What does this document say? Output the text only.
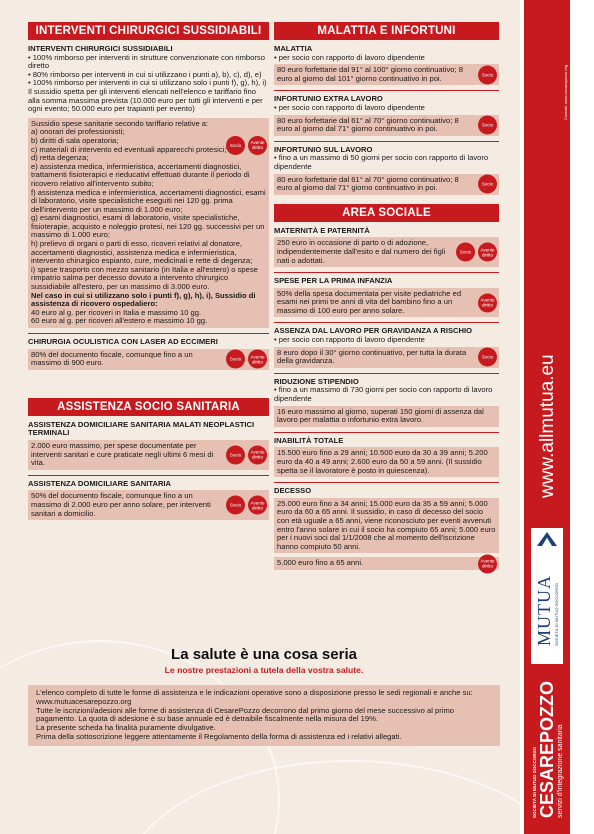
INTERVENTI CHIRURGICI SUSSIDIABILI
INTERVENTI CHIRURGICI SUSSIDIABILI
• 100% rimborso per interventi in strutture convenzionate con rimborso diretto
• 80% rimborso per interventi in cui si utilizzano i punti a), b), c), d), e)
• 100% rimborso per interventi in cui si utilizzano solo i punti f), g), h), i)
Il sussidio spetta per gli interventi elencati nell'elenco e tariffario fino alla somma massima prevista (10.000 euro per tutti gli interventi e per ogni evento; 50.000 euro per trapianti per evento)
Sussidio spese sanitarie secondo tariffario relative a:
a) onorari dei professionisti;
b) diritti di sala operatoria;
c) materiali di intervento ed eventuali apparecchi protesici;
d) retta degenza;
e) assistenza medica, infermieristica, accertamenti diagnostici, trattamenti fisioterapici e rieducativi effettuati durante il periodo di ricovero relativo all'intervento subito;
f) assistenza medica e infermieristica, accertamenti diagnostici, esami di laboratorio, visite specialistiche eseguiti nei 120 gg. prima dell'intervento per un massimo di 1.000 euro;
g) esami diagnostici, esami di laboratorio, visite specialistiche, fisioterapie, acquisto e noleggio protesi, nei 120 gg. successivi per un massimo di 1.000 euro;
h) prelievo di organi o parti di esso, ricoveri relativi al donatore, accertamenti diagnostici, assistenza medica e infermieristica, intervento chirurgico espianto, cure, medicinali e rette di degenza;
i) spese trasporto con mezzo sanitario (in Italia e all'estero) o spese rimpatrio salma per decesso dovuto a intervento chirurgico sussidiabile all'estero, per un massimo di 3.000 euro.
Nel caso in cui si utilizzano solo i punti f), g), h), i), Sussidio di assistenza di ricovero ospedaliero:
40 euro al g. per ricoveri in Italia e massimo 10 gg.
60 euro al g. per ricoveri all'estero e massimo 10 gg.
Socio	Avente diritto
CHIRURGIA OCULISTICA CON LASER AD ECCIMERI
80% del documento fiscale, comunque fino a un massimo di 900 euro.	Socio	Avente diritto
ASSISTENZA SOCIO SANITARIA
ASSISTENZA DOMICILIARE SANITARIA MALATI NEOPLASTICI TERMINALI
2.000 euro massimo, per spese documentate per interventi sanitari e cure praticate negli ultimi 6 mesi di vita.
Socio	Avente diritto
ASSISTENZA DOMICILIARE SANITARIA
50% del documento fiscale, comunque fino a un massimo di 2.000 euro per anno solare, per interventi sanitari a domicilio.
Socio	Avente diritto
MALATTIA E INFORTUNI
MALATTIA
• per socio con rapporto di lavoro dipendente
80 euro forfettarie dal 91° al 100° giorno continuativo; 8 euro al giorno dal 101° giorno continuativo in poi.	Socio
INFORTUNIO EXTRA LAVORO
• per socio con rapporto di lavoro dipendente
80 euro forfettarie dal 61° al 70° giorno continuativo; 8 euro al giorno dal 71° giorno continuativo in poi.	Socio
INFORTUNIO SUL LAVORO
• fino a un massimo di 50 giorni per socio con rapporto di lavoro dipendente
80 euro forfettarie dal 61° al 70° giorno continuativo; 8 euro al giorno dal 71° giorno continuativo in poi.	Socio
AREA SOCIALE
MATERNITÀ E PATERNITÀ
250 euro in occasione di parto o di adozione, indipendentemente dall'esito e dal numero dei figli nati o adottati.
Socio	Avente diritto
SPESE PER LA PRIMA INFANZIA
50% della spesa documentata per visite pediatriche ed esami nei primi tre anni di vita del bambino fino a un massimo di 100 euro per anno solare.
Avente diritto
ASSENZA DAL LAVORO PER GRAVIDANZA A RISCHIO
• per socio con rapporto di lavoro dipendente
8 euro dopo il 30° giorno continuativo, per tutta la durata della gravidanza.	Socio
RIDUZIONE STIPENDIO
• fino a un massimo di 730 giorni per socio con rapporto di lavoro dipendente
16 euro massimo al giorno, superati 150 giorni di assenza dal lavoro per malattia o infortunio extra lavoro.
INABILITÀ TOTALE
15.500 euro fino a 29 anni; 10.500 euro da 30 a 39 anni; 5.200 euro da 40 a 49 anni; 2.600 euro da 50 a 59 anni. (Il sussidio spetta se il lavoratore è posto in quiescenza).
DECESSO
25.000 euro fino a 34 anni; 15.000 euro da 35 a 59 anni; 5.000 euro da 60 a 65 anni. Il sussidio, in caso di decesso del socio con età uguale a 65 anni, viene riconosciuto per eventi avvenuti entro l'anno solare in cui il socio ha compiuto 65 anni; 5.000 euro per i nuovi soci dal 1/1/2008 che al momento dell'iscrizione hanno compiuto 50 anni.
5.000 euro fino a 65 anni.	Avente diritto
La salute è una cosa seria
Le nostre prestazioni a tutela della vostra salute.
L'elenco completo di tutte le forme di assistenza e le indicazioni operative sono a disposizione presso le sedi regionali e anche su: www.mutuacesarepozzo.org
Tutte le iscrizioni/adesioni alle forme di assistenza di CesarePozzo decorrono dal primo giorno del mese successivo al primo pagamento. La quota di adesione è su base annuale ed è detraibile fiscalmente nella misura del 19%.
La presente scheda ha finalità puramente divulgative.
Prima della sottoscrizione leggere attentamente il Regolamento della forma di assistenza ed i relativi allegati.
Contatti: www.cesarepozzo.org
www.allmutua.eu
MUTUA SOCIETÀ DI MUTUO SOCCORSO
SOCIETÀ DI MUTUO SOCCORSO CESAREPOZZO servizi d'integrazione sanitaria
